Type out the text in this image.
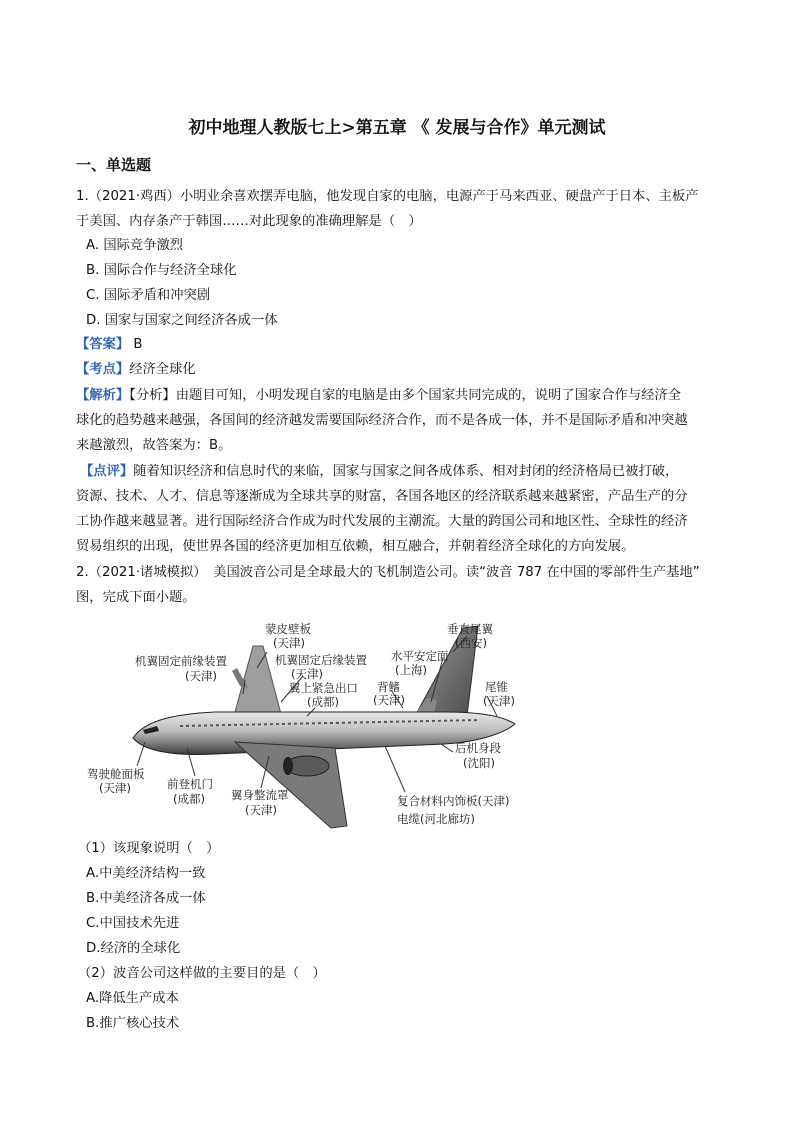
初中地理人教版七上>第五章 《 发展与合作》单元测试
一、单选题
1.（2021·鸡西）小明业余喜欢摆弄电脑，他发现自家的电脑，电源产于马来西亚、硬盘产于日本、主板产
于美国、内存条产于韩国……对此现象的准确理解是（　）
A. 国际竞争激烈
B. 国际合作与经济全球化
C. 国际矛盾和冲突剧
D. 国家与国家之间经济各成一体
【答案】 B
【考点】经济全球化
【解析】【分析】由题目可知，小明发现自家的电脑是由多个国家共同完成的，说明了国家合作与经济全
球化的趋势越来越强，各国间的经济越发需要国际经济合作，而不是各成一体，并不是国际矛盾和冲突越
来越激烈，故答案为：B。
【点评】随着知识经济和信息时代的来临，国家与国家之间各成体系、相对封闭的经济格局已被打破，
资源、技术、人才、信息等逐渐成为全球共享的财富，各国各地区的经济联系越来越紧密，产品生产的分
工协作越来越显著。进行国际经济合作成为时代发展的主潮流。大量的跨国公司和地区性、全球性的经济
贸易组织的出现，使世界各国的经济更加相互依赖，相互融合，并朝着经济全球化的方向发展。
2.（2021·诸城模拟）　美国波音公司是全球最大的飞机制造公司。读“波音 787 在中国的零部件生产基地”
图，完成下面小题。
蒙皮壁板
(天津)
垂直尾翼
(西安)
机翼固定前缘装置
(天津)
机翼固定后缘装置
(天津)
水平安定面
(上海)
翼上紧急出口
(成都)
背鳍
(天津)
尾锥
(天津)
后机身段
(沈阳)
驾驶舱面板
(天津)	前登机门
(成都) 翼身整流罩
(天津)
复合材料内饰板(天津)
电缆(河北廊坊)
（1）该现象说明（　）
A.中美经济结构一致
B.中美经济各成一体
C.中国技术先进
D.经济的全球化
（2）波音公司这样做的主要目的是（　）
A.降低生产成本
B.推广核心技术
